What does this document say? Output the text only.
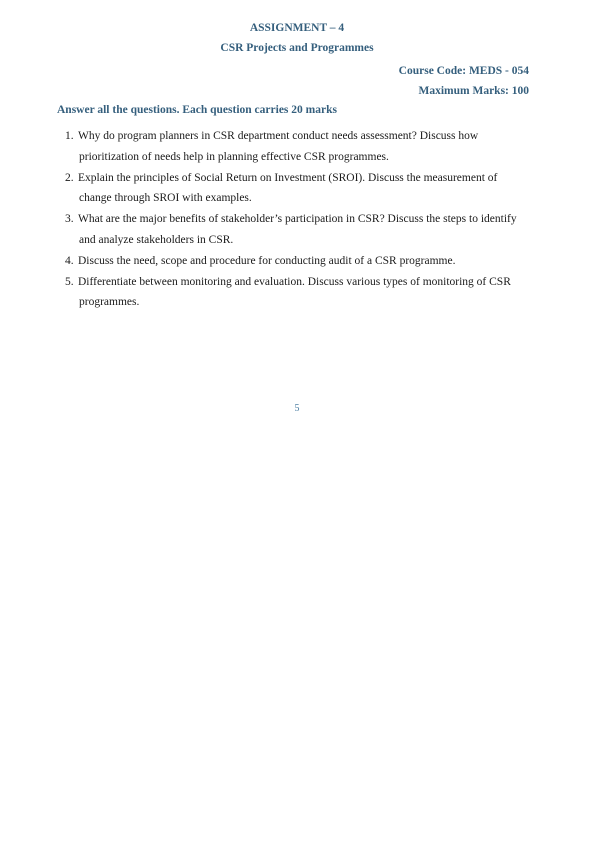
ASSIGNMENT – 4

CSR Projects and Programmes

Course Code: MEDS - 054

Maximum Marks: 100

Answer all the questions. Each question carries 20 marks

1. Why do program planners in CSR department conduct needs assessment? Discuss how
prioritization of needs help in planning effective CSR programmes.
2. Explain the principles of Social Return on Investment (SROI). Discuss the measurement of
change through SROI with examples.
3. What are the major benefits of stakeholder’s participation in CSR? Discuss the steps to identify
and analyze stakeholders in CSR.
4. Discuss the need, scope and procedure for conducting audit of a CSR programme.
5. Differentiate between monitoring and evaluation. Discuss various types of monitoring of CSR
programmes.

5
